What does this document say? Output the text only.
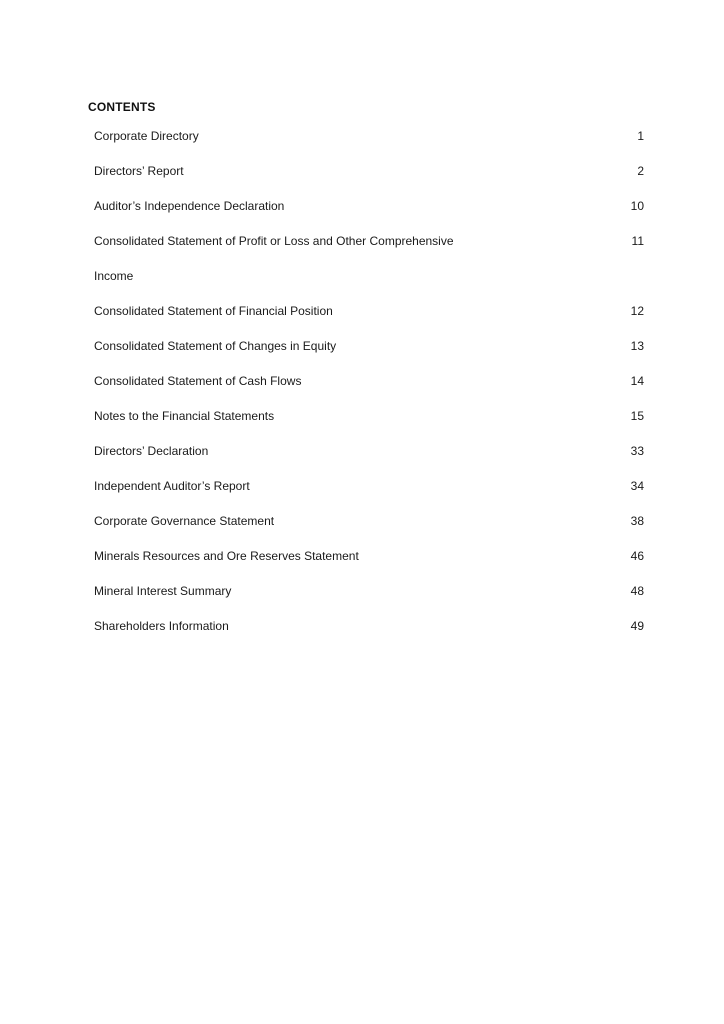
CONTENTS
Corporate Directory	1
Directors’ Report	2
Auditor’s Independence Declaration	10
Consolidated Statement of Profit or Loss and Other Comprehensive	11
Income
Consolidated Statement of Financial Position	12
Consolidated Statement of Changes in Equity	13
Consolidated Statement of Cash Flows	14
Notes to the Financial Statements	15
Directors’ Declaration	33
Independent Auditor’s Report	34
Corporate Governance Statement	38
Minerals Resources and Ore Reserves Statement	46
Mineral Interest Summary	48
Shareholders Information	49
